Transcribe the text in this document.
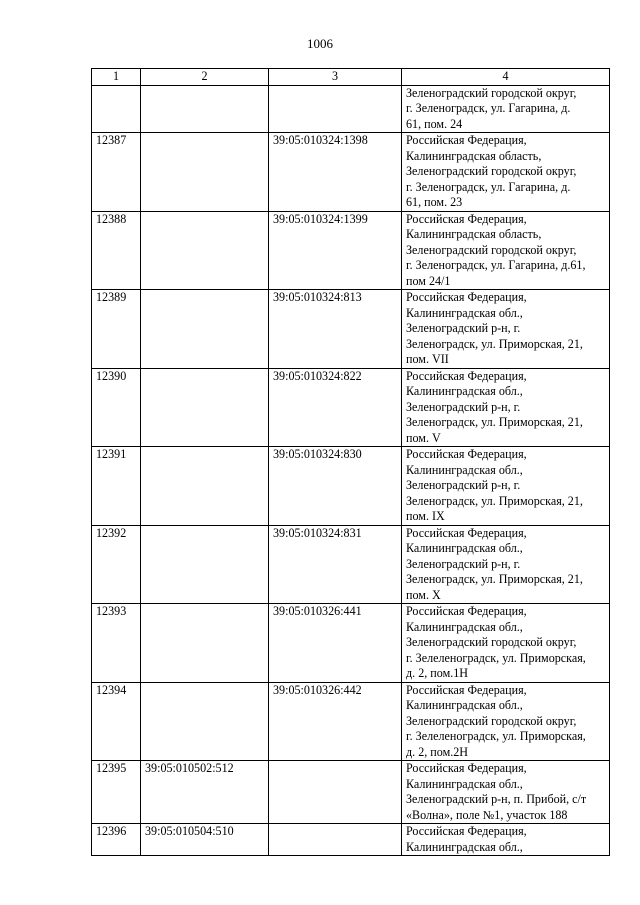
1006
1	2	3	4

			Зеленоградский городской округ,
г. Зеленоградск, ул. Гагарина, д.
61, пом. 24

12387		39:05:010324:1398	Российская Федерация,
Калининградская область,
Зеленоградский городской округ,
г. Зеленоградск, ул. Гагарина, д.
61, пом. 23

12388		39:05:010324:1399	Российская Федерация,
Калининградская область,
Зеленоградский городской округ,
г. Зеленоградск, ул. Гагарина, д.61,
пом 24/1

12389		39:05:010324:813	Российская Федерация,
Калининградская обл.,
Зеленоградский р-н, г.
Зеленоградск, ул. Приморская, 21,
пом. VII

12390		39:05:010324:822	Российская Федерация,
Калининградская обл.,
Зеленоградский р-н, г.
Зеленоградск, ул. Приморская, 21,
пом. V

12391		39:05:010324:830	Российская Федерация,
Калининградская обл.,
Зеленоградский р-н, г.
Зеленоградск, ул. Приморская, 21,
пом. IX

12392		39:05:010324:831	Российская Федерация,
Калининградская обл.,
Зеленоградский р-н, г.
Зеленоградск, ул. Приморская, 21,
пом. X

12393		39:05:010326:441	Российская Федерация,
Калининградская обл.,
Зеленоградский городской округ,
г. Зелеленоградск, ул. Приморская,
д. 2, пом.1Н

12394		39:05:010326:442	Российская Федерация,
Калининградская обл.,
Зеленоградский городской округ,
г. Зелеленоградск, ул. Приморская,
д. 2, пом.2Н

12395	39:05:010502:512		Российская Федерация,
Калининградская обл.,
Зеленоградский р-н, п. Прибой, с/т
«Волна», поле №1, участок 188

12396	39:05:010504:510		Российская Федерация,
Калининградская обл.,
